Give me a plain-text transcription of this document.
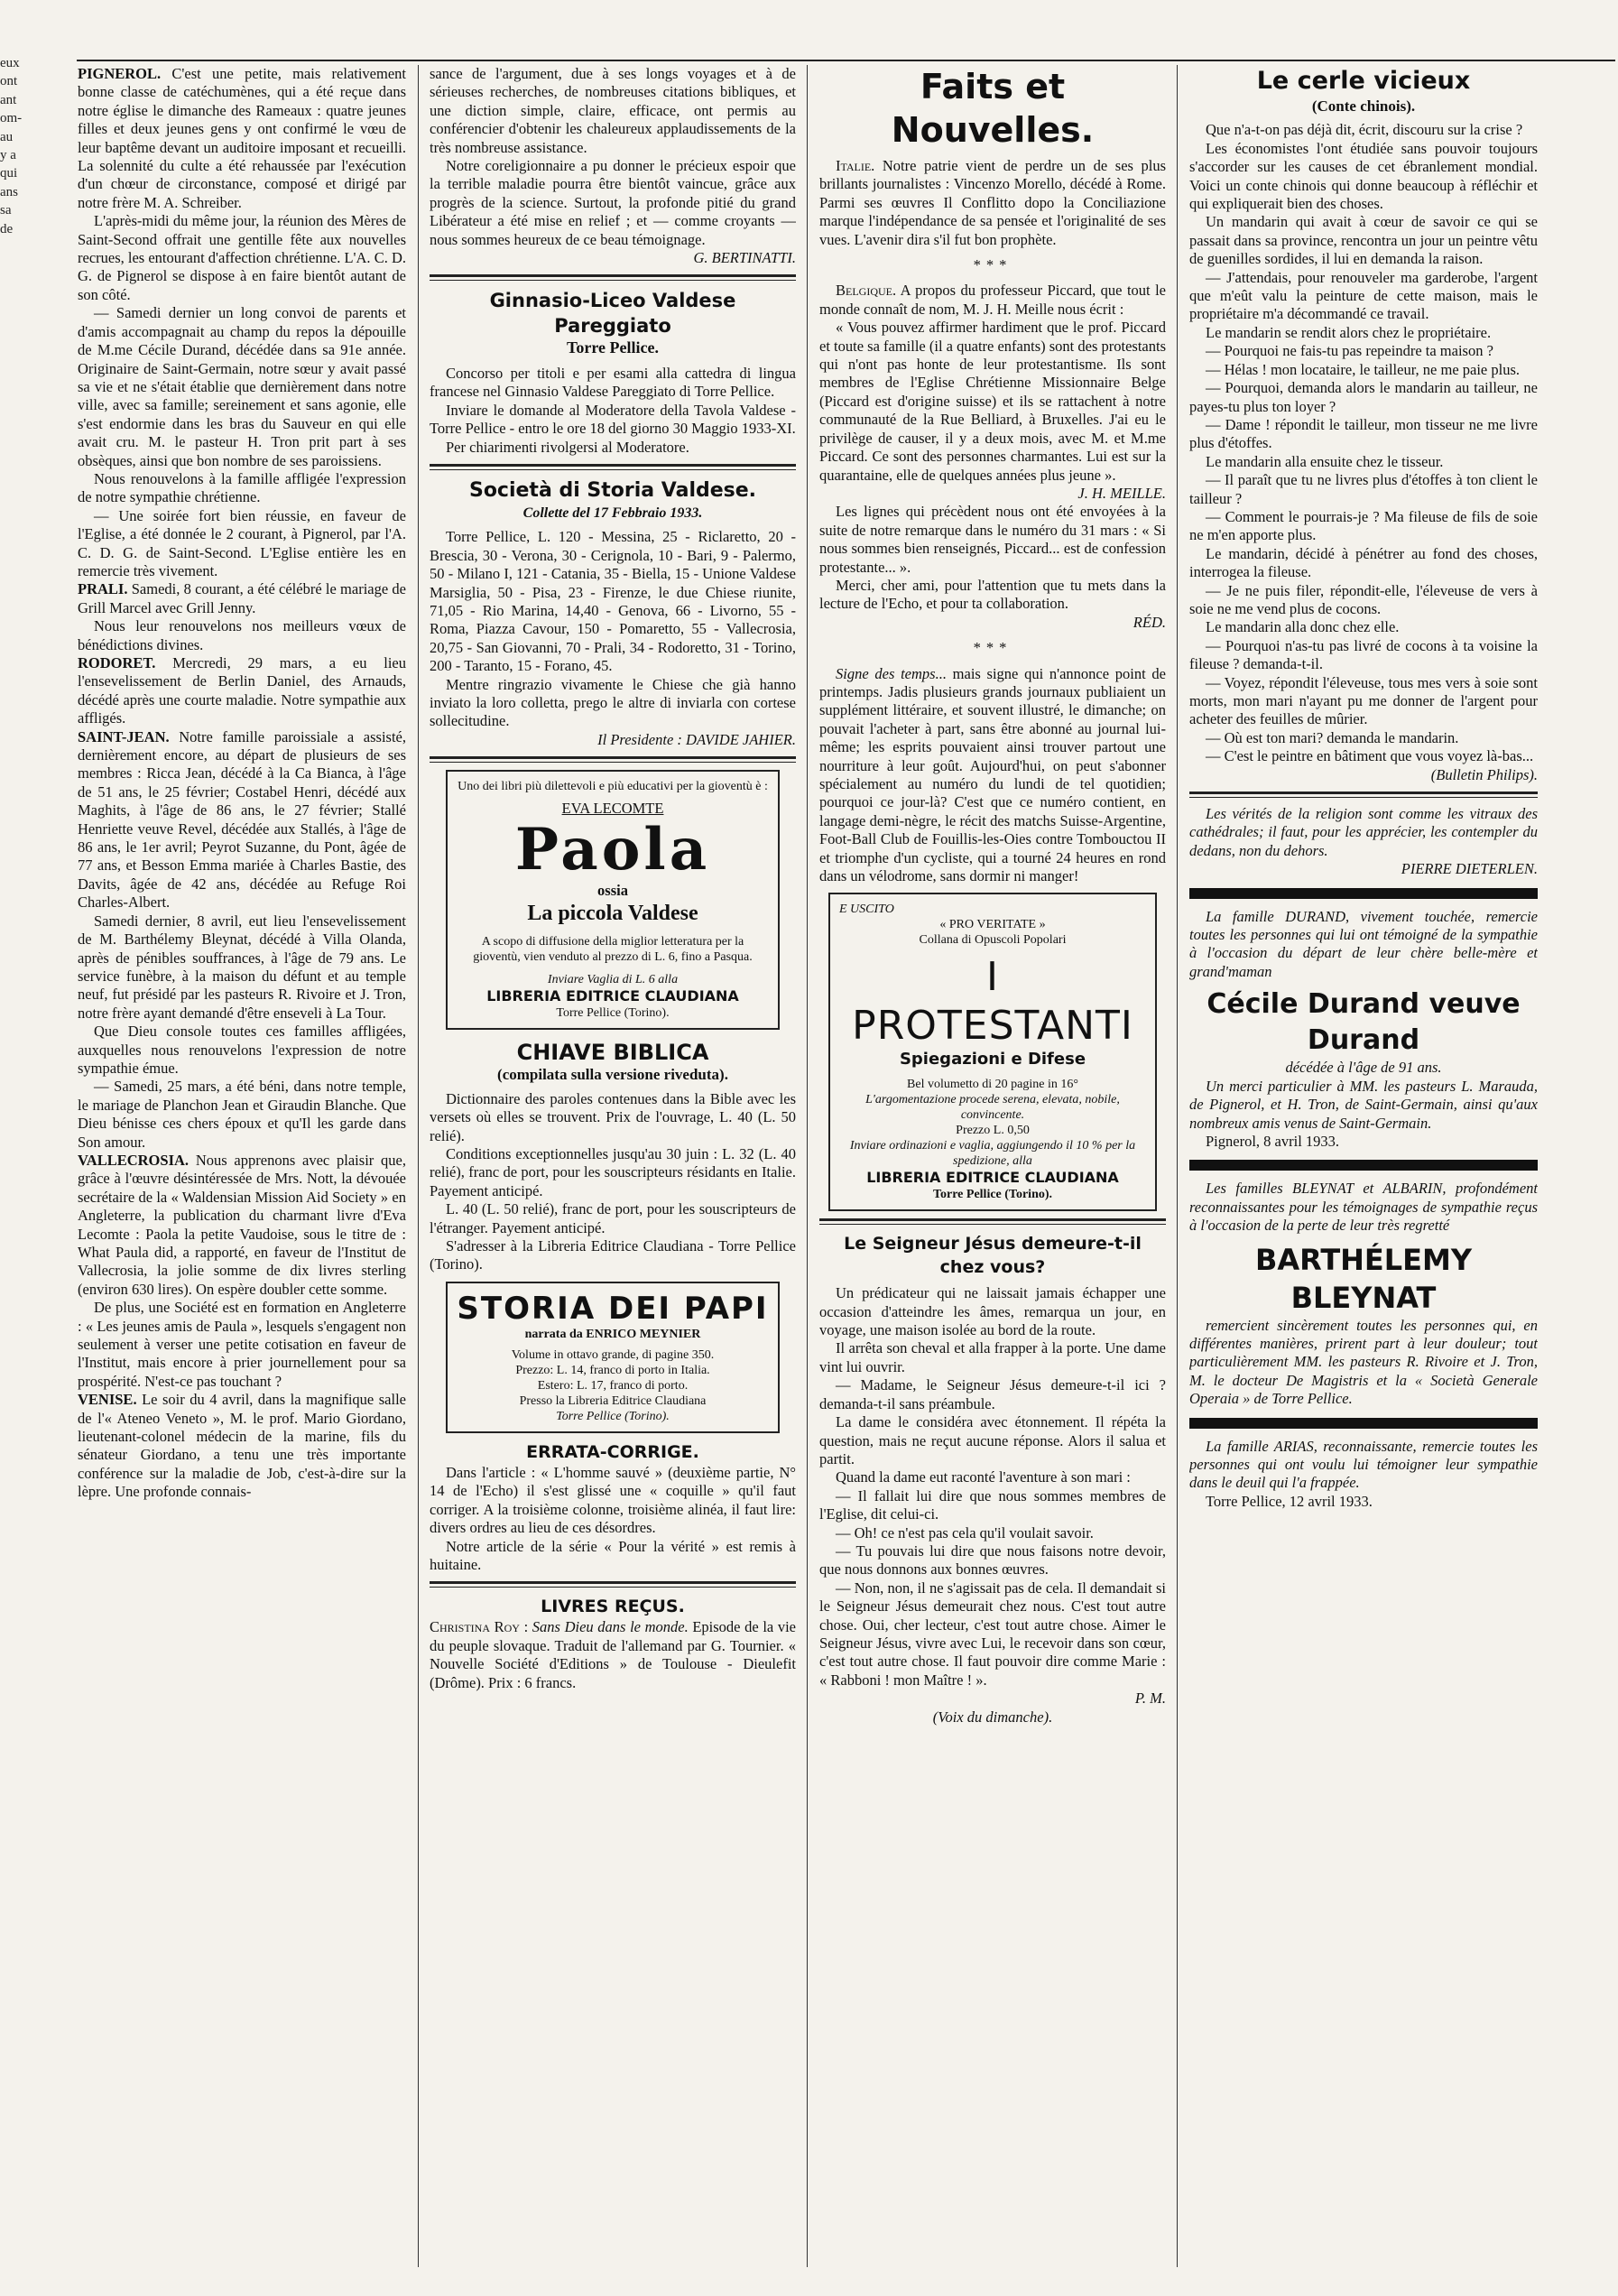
eux
ont
ant
om-
au
y a
qui
ans
sa
de

PIGNEROL. C'est une petite, mais relativement bonne classe de catéchumènes, qui a été reçue dans notre église le dimanche des Rameaux : quatre jeunes filles et deux jeunes gens y ont confirmé le vœu de leur baptême devant un auditoire imposant et recueilli. La solennité du culte a été rehaussée par l'exécution d'un chœur de circonstance, composé et dirigé par notre frère M. A. Schreiber.

L'après-midi du même jour, la réunion des Mères de Saint-Second offrait une gentille fête aux nouvelles recrues, les entourant d'affection chrétienne. L'A. C. D. G. de Pignerol se dispose à en faire bientôt autant de son côté.

— Samedi dernier un long convoi de parents et d'amis accompagnait au champ du repos la dépouille de M.me Cécile Durand, décédée dans sa 91e année. Originaire de Saint-Germain, notre sœur y avait passé sa vie et ne s'était établie que dernièrement dans notre ville, avec sa famille; sereinement et sans agonie, elle s'est endormie dans les bras du Sauveur en qui elle avait cru. M. le pasteur H. Tron prit part à ses obsèques, ainsi que bon nombre de ses paroissiens.

Nous renouvelons à la famille affligée l'expression de notre sympathie chrétienne.

— Une soirée fort bien réussie, en faveur de l'Eglise, a été donnée le 2 courant, à Pignerol, par l'A. C. D. G. de Saint-Second. L'Eglise entière les en remercie très vivement.

PRALI. Samedi, 8 courant, a été célébré le mariage de Grill Marcel avec Grill Jenny.

Nous leur renouvelons nos meilleurs vœux de bénédictions divines.

RODORET. Mercredi, 29 mars, a eu lieu l'ensevelissement de Berlin Daniel, des Arnauds, décédé après une courte maladie. Notre sympathie aux affligés.

SAINT-JEAN. Notre famille paroissiale a assisté, dernièrement encore, au départ de plusieurs de ses membres : Ricca Jean, décédé à la Ca Bianca, à l'âge de 51 ans, le 25 février; Costabel Henri, décédé aux Maghits, à l'âge de 86 ans, le 27 février; Stallé Henriette veuve Revel, décédée aux Stallés, à l'âge de 86 ans, le 1er avril; Peyrot Suzanne, du Pont, âgée de 77 ans, et Besson Emma mariée à Charles Bastie, des Davits, âgée de 42 ans, décédée au Refuge Roi Charles-Albert.

Samedi dernier, 8 avril, eut lieu l'ensevelissement de M. Barthélemy Bleynat, décédé à Villa Olanda, après de pénibles souffrances, à l'âge de 79 ans. Le service funèbre, à la maison du défunt et au temple neuf, fut présidé par les pasteurs R. Rivoire et J. Tron, notre frère ayant demandé d'être enseveli à La Tour.

Que Dieu console toutes ces familles affligées, auxquelles nous renouvelons l'expression de notre sympathie émue.

— Samedi, 25 mars, a été béni, dans notre temple, le mariage de Planchon Jean et Giraudin Blanche. Que Dieu bénisse ces chers époux et qu'Il les garde dans Son amour.

VALLECROSIA. Nous apprenons avec plaisir que, grâce à l'œuvre désintéressée de Mrs. Nott, la dévouée secrétaire de la « Waldensian Mission Aid Society » en Angleterre, la publication du charmant livre d'Eva Lecomte : Paola la petite Vaudoise, sous le titre de : What Paula did, a rapporté, en faveur de l'Institut de Vallecrosia, la jolie somme de dix livres sterling (environ 630 lires). On espère doubler cette somme.

De plus, une Société est en formation en Angleterre : « Les jeunes amis de Paula », lesquels s'engagent non seulement à verser une petite cotisation en faveur de l'Institut, mais encore à prier journellement pour sa prospérité. N'est-ce pas touchant ?

VENISE. Le soir du 4 avril, dans la magnifique salle de l'« Ateneo Veneto », M. le prof. Mario Giordano, lieutenant-colonel médecin de la marine, fils du sénateur Giordano, a tenu une très importante conférence sur la maladie de Job, c'est-à-dire sur la lèpre. Une profonde connais-

sance de l'argument, due à ses longs voyages et à de sérieuses recherches, de nombreuses citations bibliques, et une diction simple, claire, efficace, ont permis au conférencier d'obtenir les chaleureux applaudissements de la très nombreuse assistance.

Notre coreligionnaire a pu donner le précieux espoir que la terrible maladie pourra être bientôt vaincue, grâce aux progrès de la science. Surtout, la profonde pitié du grand Libérateur a été mise en relief ; et — comme croyants — nous sommes heureux de ce beau témoignage.

G. BERTINATTI.

Ginnasio-Liceo Valdese Pareggiato
Torre Pellice.

Concorso per titoli e per esami alla cattedra di lingua francese nel Ginnasio Valdese Pareggiato di Torre Pellice.

Inviare le domande al Moderatore della Tavola Valdese - Torre Pellice - entro le ore 18 del giorno 30 Maggio 1933-XI.

Per chiarimenti rivolgersi al Moderatore.

Società di Storia Valdese.
Collette del 17 Febbraio 1933.

Torre Pellice, L. 120 - Messina, 25 - Riclaretto, 20 - Brescia, 30 - Verona, 30 - Cerignola, 10 - Bari, 9 - Palermo, 50 - Milano I, 121 - Catania, 35 - Biella, 15 - Unione Valdese Marsiglia, 50 - Pisa, 23 - Firenze, le due Chiese riunite, 71,05 - Rio Marina, 14,40 - Genova, 66 - Livorno, 55 - Roma, Piazza Cavour, 150 - Pomaretto, 55 - Vallecrosia, 20,75 - San Giovanni, 70 - Prali, 34 - Rodoretto, 31 - Torino, 200 - Taranto, 15 - Forano, 45.

Mentre ringrazio vivamente le Chiese che già hanno inviato la loro colletta, prego le altre di inviarla con cortese sollecitudine.

Il Presidente : DAVIDE JAHIER.

Uno dei libri più dilettevoli e più educativi per la gioventù è :

EVA LECOMTE

Paola

ossia

La piccola Valdese

A scopo di diffusione della miglior letteratura per la gioventù, vien venduto al prezzo di L. 6, fino a Pasqua.

Inviare Vaglia di L. 6 alla

LIBRERIA EDITRICE CLAUDIANA

Torre Pellice (Torino).

CHIAVE BIBLICA
(compilata sulla versione riveduta).

Dictionnaire des paroles contenues dans la Bible avec les versets où elles se trouvent. Prix de l'ouvrage, L. 40 (L. 50 relié).

Conditions exceptionnelles jusqu'au 30 juin : L. 32 (L. 40 relié), franc de port, pour les souscripteurs résidants en Italie. Payement anticipé.

L. 40 (L. 50 relié), franc de port, pour les souscripteurs de l'étranger. Payement anticipé.

S'adresser à la Libreria Editrice Claudiana - Torre Pellice (Torino).

STORIA DEI PAPI

narrata da ENRICO MEYNIER

Volume in ottavo grande, di pagine 350.

Prezzo: L. 14, franco di porto in Italia.

Estero: L. 17, franco di porto.

Presso la Libreria Editrice Claudiana

Torre Pellice (Torino).

ERRATA-CORRIGE.

Dans l'article : « L'homme sauvé » (deuxième partie, N° 14 de l'Echo) il s'est glissé une « coquille » qu'il faut corriger. A la troisième colonne, troisième alinéa, il faut lire: divers ordres au lieu de ces désordres.

Notre article de la série « Pour la vérité » est remis à huitaine.

LIVRES REÇUS.

Christina Roy : Sans Dieu dans le monde. Episode de la vie du peuple slovaque. Traduit de l'allemand par G. Tournier. « Nouvelle Société d'Editions » de Toulouse - Dieulefit (Drôme). Prix : 6 francs.

Faits et Nouvelles.

Italie. Notre patrie vient de perdre un de ses plus brillants journalistes : Vincenzo Morello, décédé à Rome. Parmi ses œuvres Il Conflitto dopo la Conciliazione marque l'indépendance de sa pensée et l'originalité de ses vues. L'avenir dira s'il fut bon prophète.

***

Belgique. A propos du professeur Piccard, que tout le monde connaît de nom, M. J. H. Meille nous écrit :

« Vous pouvez affirmer hardiment que le prof. Piccard et toute sa famille (il a quatre enfants) sont des protestants qui n'ont pas honte de leur protestantisme. Ils sont membres de l'Eglise Chrétienne Missionnaire Belge (Piccard est d'origine suisse) et ils se rattachent à notre communauté de la Rue Belliard, à Bruxelles. J'ai eu le privilège de causer, il y a deux mois, avec M. et M.me Piccard. Ce sont des personnes charmantes. Lui est sur la quarantaine, elle de quelques années plus jeune ».

J. H. MEILLE.

Les lignes qui précèdent nous ont été envoyées à la suite de notre remarque dans le numéro du 31 mars : « Si nous sommes bien renseignés, Piccard... est de confession protestante... ».

Merci, cher ami, pour l'attention que tu mets dans la lecture de l'Echo, et pour ta collaboration.

RÉD.

***

Signe des temps... mais signe qui n'annonce point de printemps. Jadis plusieurs grands journaux publiaient un supplément littéraire, et souvent illustré, le dimanche; on pouvait l'acheter à part, sans être abonné au journal lui-même; les esprits pouvaient ainsi trouver partout une nourriture à leur goût. Aujourd'hui, on peut s'abonner spécialement au numéro du lundi de tel quotidien; pourquoi ce jour-là? C'est que ce numéro contient, en langage demi-nègre, le récit des matchs Suisse-Argentine, Foot-Ball Club de Fouillis-les-Oies contre Tombouctou II et triomphe d'un cycliste, qui a tourné 24 heures en rond dans un vélodrome, sans dormir ni manger!

E USCITO

« PRO VERITATE »

Collana di Opuscoli Popolari

I PROTESTANTI

Spiegazioni e Difese

Bel volumetto di 20 pagine in 16°

L'argomentazione procede serena, elevata, nobile, convincente.

Prezzo L. 0,50

Inviare ordinazioni e vaglia, aggiungendo il 10 % per la spedizione, alla

LIBRERIA EDITRICE CLAUDIANA

Torre Pellice (Torino).

Le Seigneur Jésus demeure-t-il chez vous?

Un prédicateur qui ne laissait jamais échapper une occasion d'atteindre les âmes, remarqua un jour, en voyage, une maison isolée au bord de la route.

Il arrêta son cheval et alla frapper à la porte. Une dame vint lui ouvrir.

— Madame, le Seigneur Jésus demeure-t-il ici ? demanda-t-il sans préambule.

La dame le considéra avec étonnement. Il répéta la question, mais ne reçut aucune réponse. Alors il salua et partit.

Quand la dame eut raconté l'aventure à son mari :

— Il fallait lui dire que nous sommes membres de l'Eglise, dit celui-ci.

— Oh! ce n'est pas cela qu'il voulait savoir.

— Tu pouvais lui dire que nous faisons notre devoir, que nous donnons aux bonnes œuvres.

— Non, non, il ne s'agissait pas de cela. Il demandait si le Seigneur Jésus demeurait chez nous. C'est tout autre chose. Oui, cher lecteur, c'est tout autre chose. Aimer le Seigneur Jésus, vivre avec Lui, le recevoir dans son cœur, c'est tout autre chose. Il faut pouvoir dire comme Marie : « Rabboni ! mon Maître ! ».

P. M.

(Voix du dimanche).

Le cerle vicieux
(Conte chinois).

Que n'a-t-on pas déjà dit, écrit, discouru sur la crise ?

Les économistes l'ont étudiée sans pouvoir toujours s'accorder sur les causes de cet ébranlement mondial. Voici un conte chinois qui donne beaucoup à réfléchir et qui expliquerait bien des choses.

Un mandarin qui avait à cœur de savoir ce qui se passait dans sa province, rencontra un jour un peintre vêtu de guenilles sordides, il lui en demanda la raison.

— J'attendais, pour renouveler ma garderobe, l'argent que m'eût valu la peinture de cette maison, mais le propriétaire m'a décommandé ce travail.

Le mandarin se rendit alors chez le propriétaire.

— Pourquoi ne fais-tu pas repeindre ta maison ?

— Hélas ! mon locataire, le tailleur, ne me paie plus.

— Pourquoi, demanda alors le mandarin au tailleur, ne payes-tu plus ton loyer ?

— Dame ! répondit le tailleur, mon tisseur ne me livre plus d'étoffes.

Le mandarin alla ensuite chez le tisseur.

— Il paraît que tu ne livres plus d'étoffes à ton client le tailleur ?

— Comment le pourrais-je ? Ma fileuse de fils de soie ne m'en apporte plus.

Le mandarin, décidé à pénétrer au fond des choses, interrogea la fileuse.

— Je ne puis filer, répondit-elle, l'éleveuse de vers à soie ne me vend plus de cocons.

Le mandarin alla donc chez elle.

— Pourquoi n'as-tu pas livré de cocons à ta voisine la fileuse ? demanda-t-il.

— Voyez, répondit l'éleveuse, tous mes vers à soie sont morts, mon mari n'ayant pu me donner de l'argent pour acheter des feuilles de mûrier.

— Où est ton mari? demanda le mandarin.

— C'est le peintre en bâtiment que vous voyez là-bas...

(Bulletin Philips).

Les vérités de la religion sont comme les vitraux des cathédrales; il faut, pour les apprécier, les contempler du dedans, non du dehors.

PIERRE DIETERLEN.

La famille DURAND, vivement touchée, remercie toutes les personnes qui lui ont témoigné de la sympathie à l'occasion du départ de leur chère belle-mère et grand'maman

Cécile Durand veuve Durand

décédée à l'âge de 91 ans.

Un merci particulier à MM. les pasteurs L. Marauda, de Pignerol, et H. Tron, de Saint-Germain, ainsi qu'aux nombreux amis venus de Saint-Germain.

Pignerol, 8 avril 1933.

Les familles BLEYNAT et ALBARIN, profondément reconnaissantes pour les témoignages de sympathie reçus à l'occasion de la perte de leur très regretté

BARTHÉLEMY BLEYNAT

remercient sincèrement toutes les personnes qui, en différentes manières, prirent part à leur douleur; tout particulièrement MM. les pasteurs R. Rivoire et J. Tron, M. le docteur De Magistris et la « Società Generale Operaia » de Torre Pellice.

La famille ARIAS, reconnaissante, remercie toutes les personnes qui ont voulu lui témoigner leur sympathie dans le deuil qui l'a frappée.

Torre Pellice, 12 avril 1933.
